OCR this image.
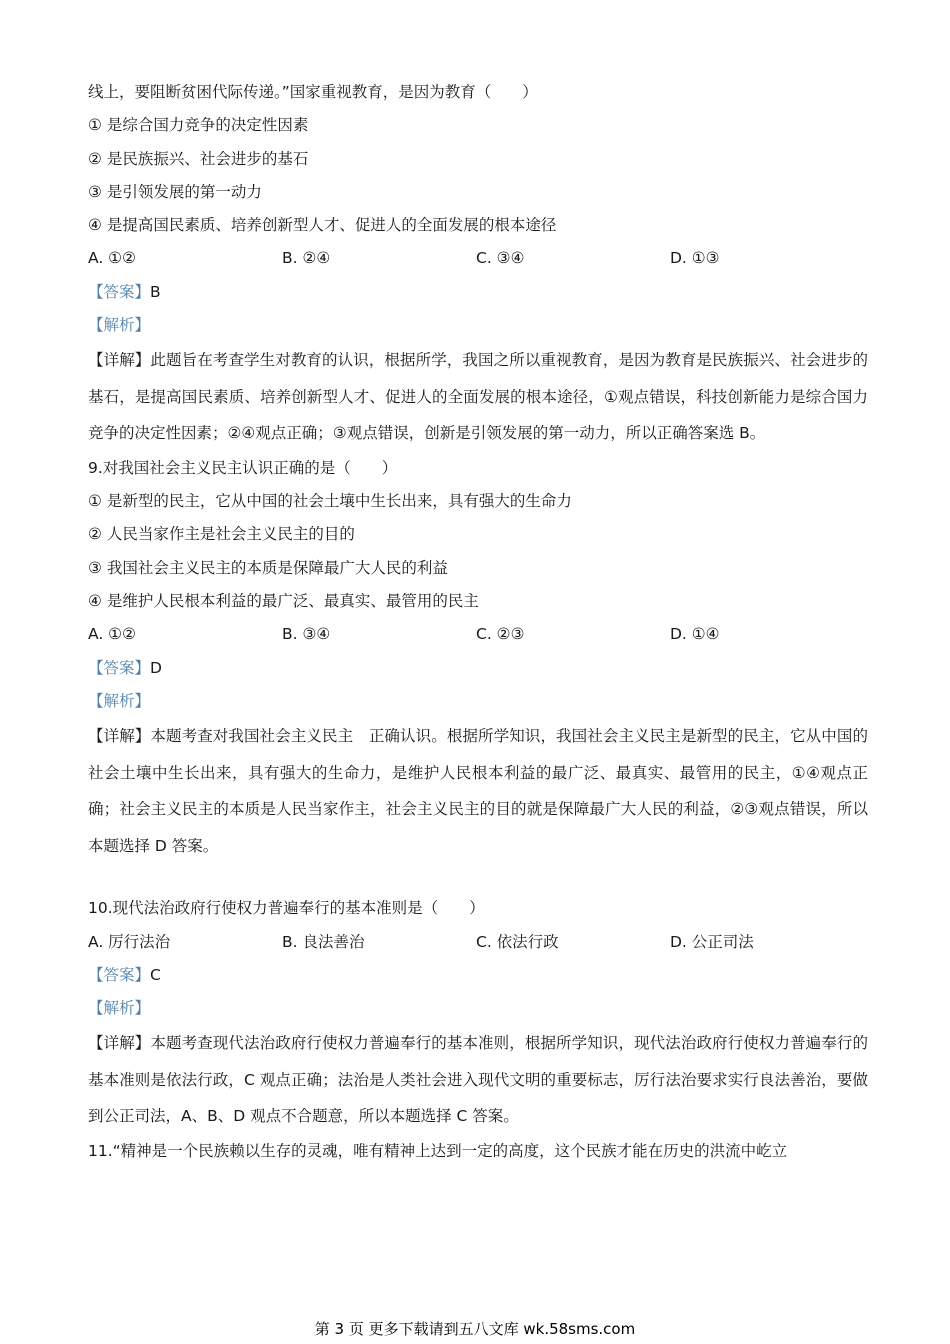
线上，要阻断贫困代际传递。”国家重视教育，是因为教育（　　）
① 是综合国力竞争的决定性因素
② 是民族振兴、社会进步的基石
③ 是引领发展的第一动力
④ 是提高国民素质、培养创新型人才、促进人的全面发展的根本途径
A. ①②	B. ②④	C. ③④	D. ①③
【答案】B
【解析】
【详解】此题旨在考查学生对教育的认识，根据所学，我国之所以重视教育，是因为教育是民族振兴、社会进步的基石，是提高国民素质、培养创新型人才、促进人的全面发展的根本途径，①观点错误，科技创新能力是综合国力竞争的决定性因素；②④观点正确；③观点错误，创新是引领发展的第一动力，所以正确答案选 B。
9.对我国社会主义民主认识正确的是（　　）
① 是新型的民主，它从中国的社会土壤中生长出来，具有强大的生命力
② 人民当家作主是社会主义民主的目的
③ 我国社会主义民主的本质是保障最广大人民的利益
④ 是维护人民根本利益的最广泛、最真实、最管用的民主
A. ①②	B. ③④	C. ②③	D. ①④
【答案】D
【解析】
【详解】本题考查对我国社会主义民主　正确认识。根据所学知识，我国社会主义民主是新型的民主，它从中国的社会土壤中生长出来，具有强大的生命力，是维护人民根本利益的最广泛、最真实、最管用的民主，①④观点正确；社会主义民主的本质是人民当家作主，社会主义民主的目的就是保障最广大人民的利益，②③观点错误，所以本题选择 D 答案。
10.现代法治政府行使权力普遍奉行的基本准则是（　　）
A. 厉行法治	B. 良法善治	C. 依法行政	D. 公正司法
【答案】C
【解析】
【详解】本题考查现代法治政府行使权力普遍奉行的基本准则，根据所学知识，现代法治政府行使权力普遍奉行的基本准则是依法行政，C 观点正确；法治是人类社会进入现代文明的重要标志，厉行法治要求实行良法善治，要做到公正司法，A、B、D 观点不合题意，所以本题选择 C 答案。
11.“精神是一个民族赖以生存的灵魂，唯有精神上达到一定的高度，这个民族才能在历史的洪流中屹立
第 3 页 更多下载请到五八文库 wk.58sms.com
